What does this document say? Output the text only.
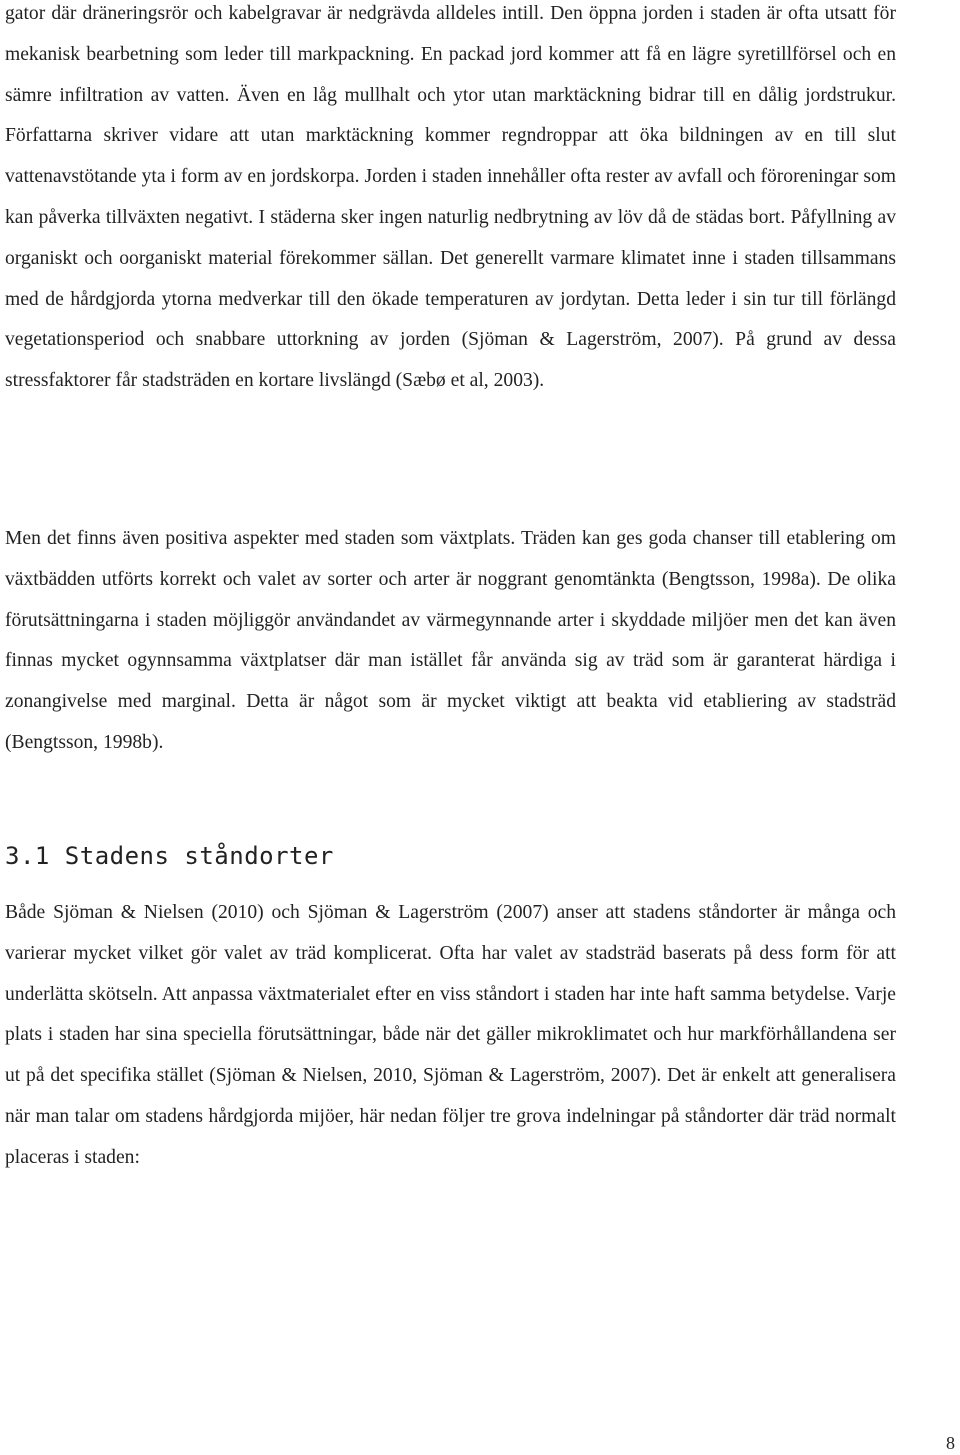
gator där dräneringsrör och kabelgravar är nedgrävda alldeles intill. Den öppna jorden i staden är ofta utsatt för mekanisk bearbetning som leder till markpackning. En packad jord kommer att få en lägre syretillförsel och en sämre infiltration av vatten. Även en låg mullhalt och ytor utan marktäckning bidrar till en dålig jordstrukur. Författarna skriver vidare att utan marktäckning kommer regndroppar att öka bildningen av en till slut vattenavstötande yta i form av en jordskorpa. Jorden i staden innehåller ofta rester av avfall och föroreningar som kan påverka tillväxten negativt. I städerna sker ingen naturlig nedbrytning av löv då de städas bort. Påfyllning av organiskt och oorganiskt material förekommer sällan. Det generellt varmare klimatet inne i staden tillsammans med de hårdgjorda ytorna medverkar till den ökade temperaturen av jordytan. Detta leder i sin tur till förlängd vegetationsperiod och snabbare uttorkning av jorden (Sjöman & Lagerström, 2007). På grund av dessa stressfaktorer får stadsträden en kortare livslängd (Sæbø et al, 2003).

Men det finns även positiva aspekter med staden som växtplats. Träden kan ges goda chanser till etablering om växtbädden utförts korrekt och valet av sorter och arter är noggrant genomtänkta (Bengtsson, 1998a). De olika förutsättningarna i staden möjliggör användandet av värmegynnande arter i skyddade miljöer men det kan även finnas mycket ogynnsamma växtplatser där man istället får använda sig av träd som är garanterat härdiga i zonangivelse med marginal. Detta är något som är mycket viktigt att beakta vid etabliering av stadsträd (Bengtsson, 1998b).

3.1 Stadens ståndorter

Både Sjöman & Nielsen (2010) och Sjöman & Lagerström (2007) anser att stadens ståndorter är många och varierar mycket vilket gör valet av träd komplicerat. Ofta har valet av stadsträd baserats på dess form för att underlätta skötseln. Att anpassa växtmaterialet efter en viss ståndort i staden har inte haft samma betydelse. Varje plats i staden har sina speciella förutsättningar, både när det gäller mikroklimatet och hur markförhållandena ser ut på det specifika stället (Sjöman & Nielsen, 2010, Sjöman & Lagerström, 2007). Det är enkelt att generalisera när man talar om stadens hårdgjorda mijöer, här nedan följer tre grova indelningar på ståndorter där träd normalt placeras i staden:

8
